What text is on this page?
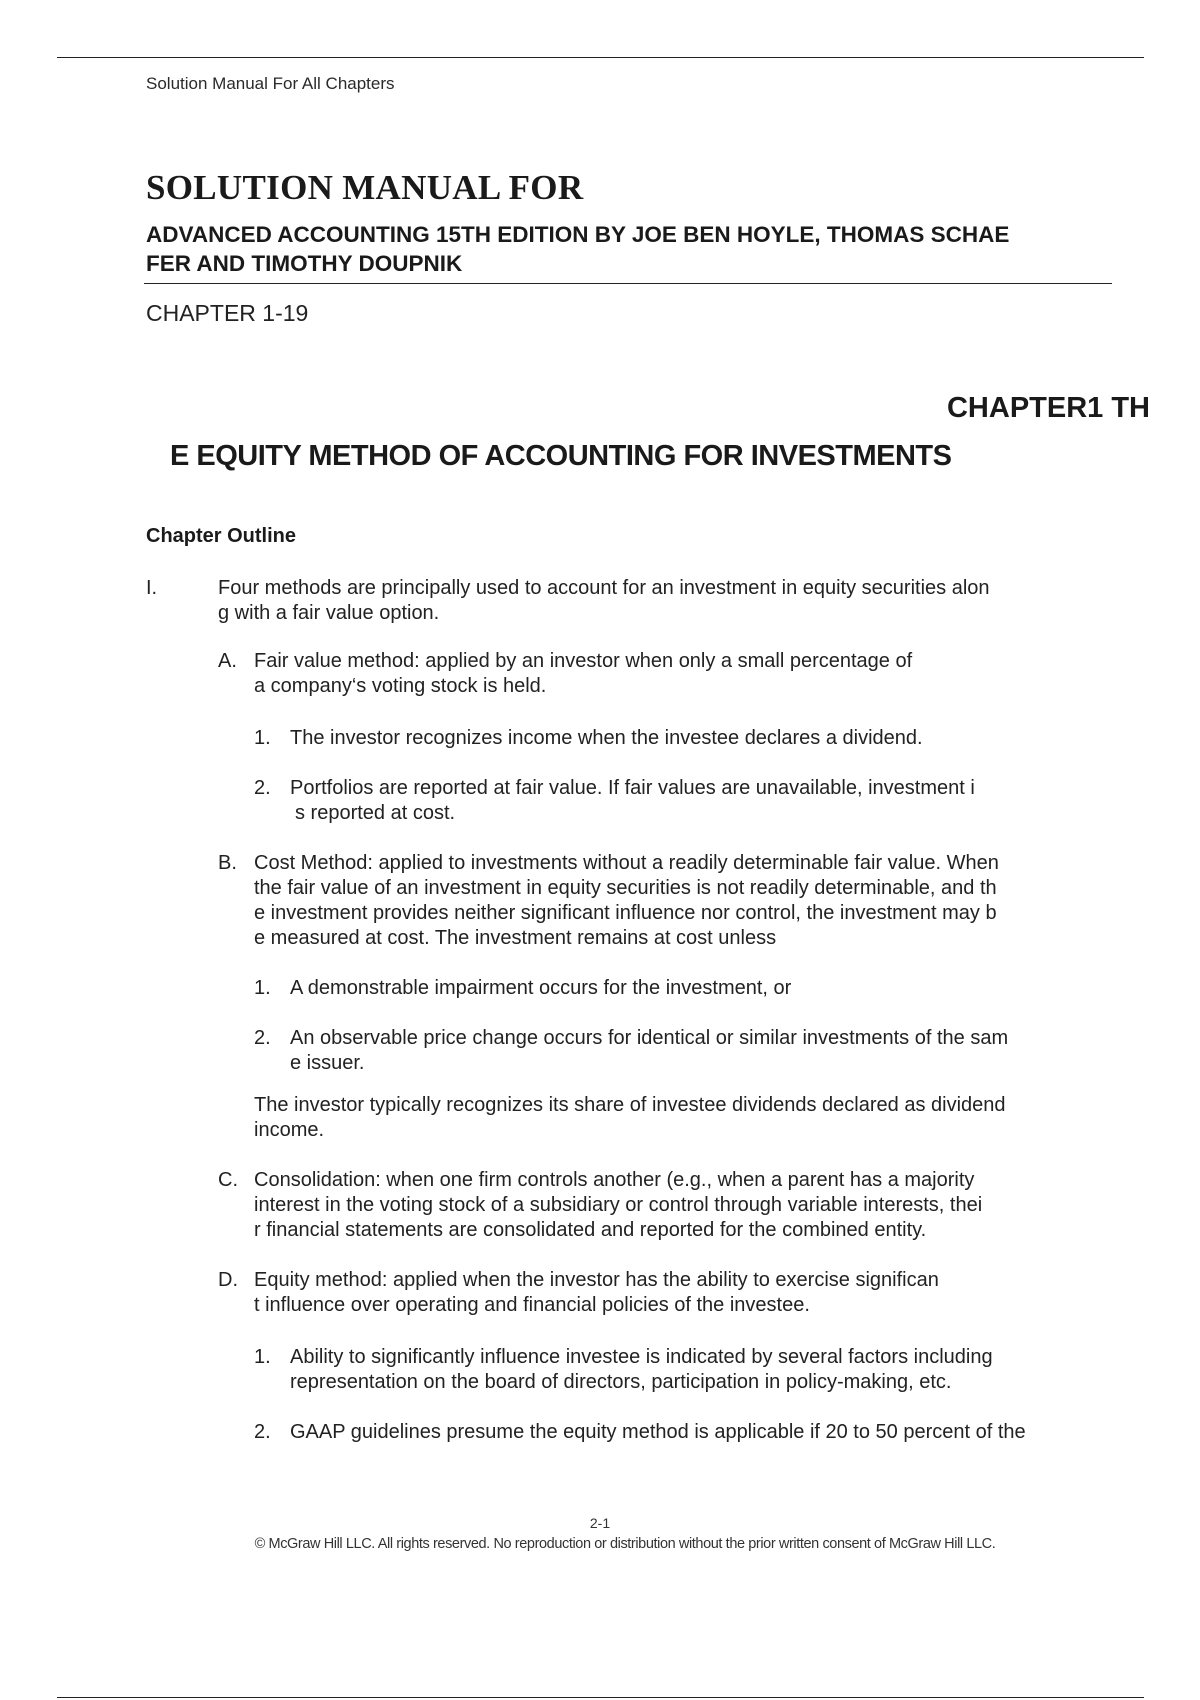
Solution Manual For All Chapters
SOLUTION MANUAL FOR
ADVANCED ACCOUNTING 15TH EDITION BY JOE BEN HOYLE, THOMAS SCHAE
FER AND TIMOTHY DOUPNIK
CHAPTER 1-19
CHAPTER1 TH
E EQUITY METHOD OF ACCOUNTING FOR INVESTMENTS
Chapter Outline
I.	Four methods are principally used to account for an investment in equity securities alon
g with a fair value option.
A. Fair value method: applied by an investor when only a small percentage of
a company‘s voting stock is held.
1. The investor recognizes income when the investee declares a dividend.
2. Portfolios are reported at fair value. If fair values are unavailable, investment i
s reported at cost.
B. Cost Method: applied to investments without a readily determinable fair value. When
the fair value of an investment in equity securities is not readily determinable, and th
e investment provides neither significant influence nor control, the investment may b
e measured at cost. The investment remains at cost unless
1. A demonstrable impairment occurs for the investment, or
2. An observable price change occurs for identical or similar investments of the sam
e issuer.
The investor typically recognizes its share of investee dividends declared as dividend
income.
C. Consolidation: when one firm controls another (e.g., when a parent has a majority
interest in the voting stock of a subsidiary or control through variable interests, thei
r financial statements are consolidated and reported for the combined entity.
D. Equity method: applied when the investor has the ability to exercise significan
t influence over operating and financial policies of the investee.
1. Ability to significantly influence investee is indicated by several factors including
representation on the board of directors, participation in policy-making, etc.
2. GAAP guidelines presume the equity method is applicable if 20 to 50 percent of the
2-1
© McGraw Hill LLC. All rights reserved. No reproduction or distribution without the prior written consent of McGraw Hill LLC.
